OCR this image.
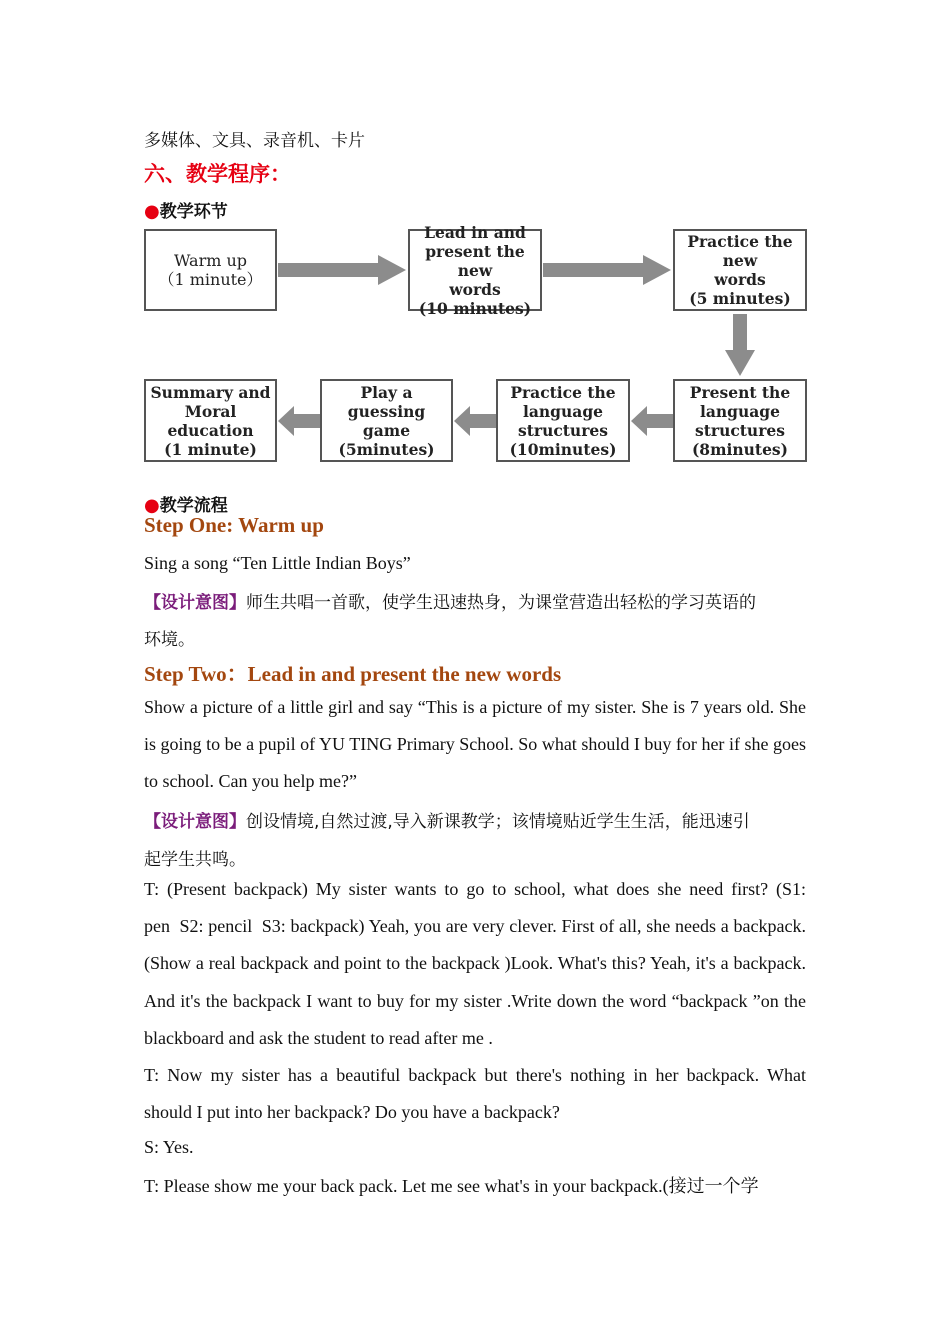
多媒体、文具、录音机、卡片
六、教学程序：
●教学环节
Warm up
（1 minute）
Lead in and
present the new
words
(10 minutes)
Practice the new
words
(5 minutes)
Present the
language
structures
(8minutes)
Practice the
language
structures
(10minutes)
Play a guessing
game
(5minutes)
Summary and
Moral
education
(1 minute)
●教学流程
Step One: Warm up
Sing a song “Ten Little Indian Boys”
【设计意图】师生共唱一首歌，使学生迅速热身，为课堂营造出轻松的学习英语的
环境。
Step Two：Lead in and present the new words
Show a picture of a little girl and say “This is a picture of my sister. She is 7 years old. She is going to be a pupil of YU TING Primary School. So what should I buy for her if she goes to school. Can you help me?”
【设计意图】创设情境,自然过渡,导入新课教学；该情境贴近学生生活，能迅速引
起学生共鸣。
T: (Present backpack) My sister wants to go to school, what does she need first? (S1: pen  S2: pencil  S3: backpack) Yeah, you are very clever. First of all, she needs a backpack. (Show a real backpack and point to the backpack )Look. What's this? Yeah, it's a backpack. And it's the backpack I want to buy for my sister .Write down the word “backpack ”on the blackboard and ask the student to read after me .
T: Now my sister has a beautiful backpack but there's nothing in her backpack. What should I put into her backpack? Do you have a backpack?
S: Yes.
T: Please show me your back pack. Let me see what's in your backpack.(接过一个学
